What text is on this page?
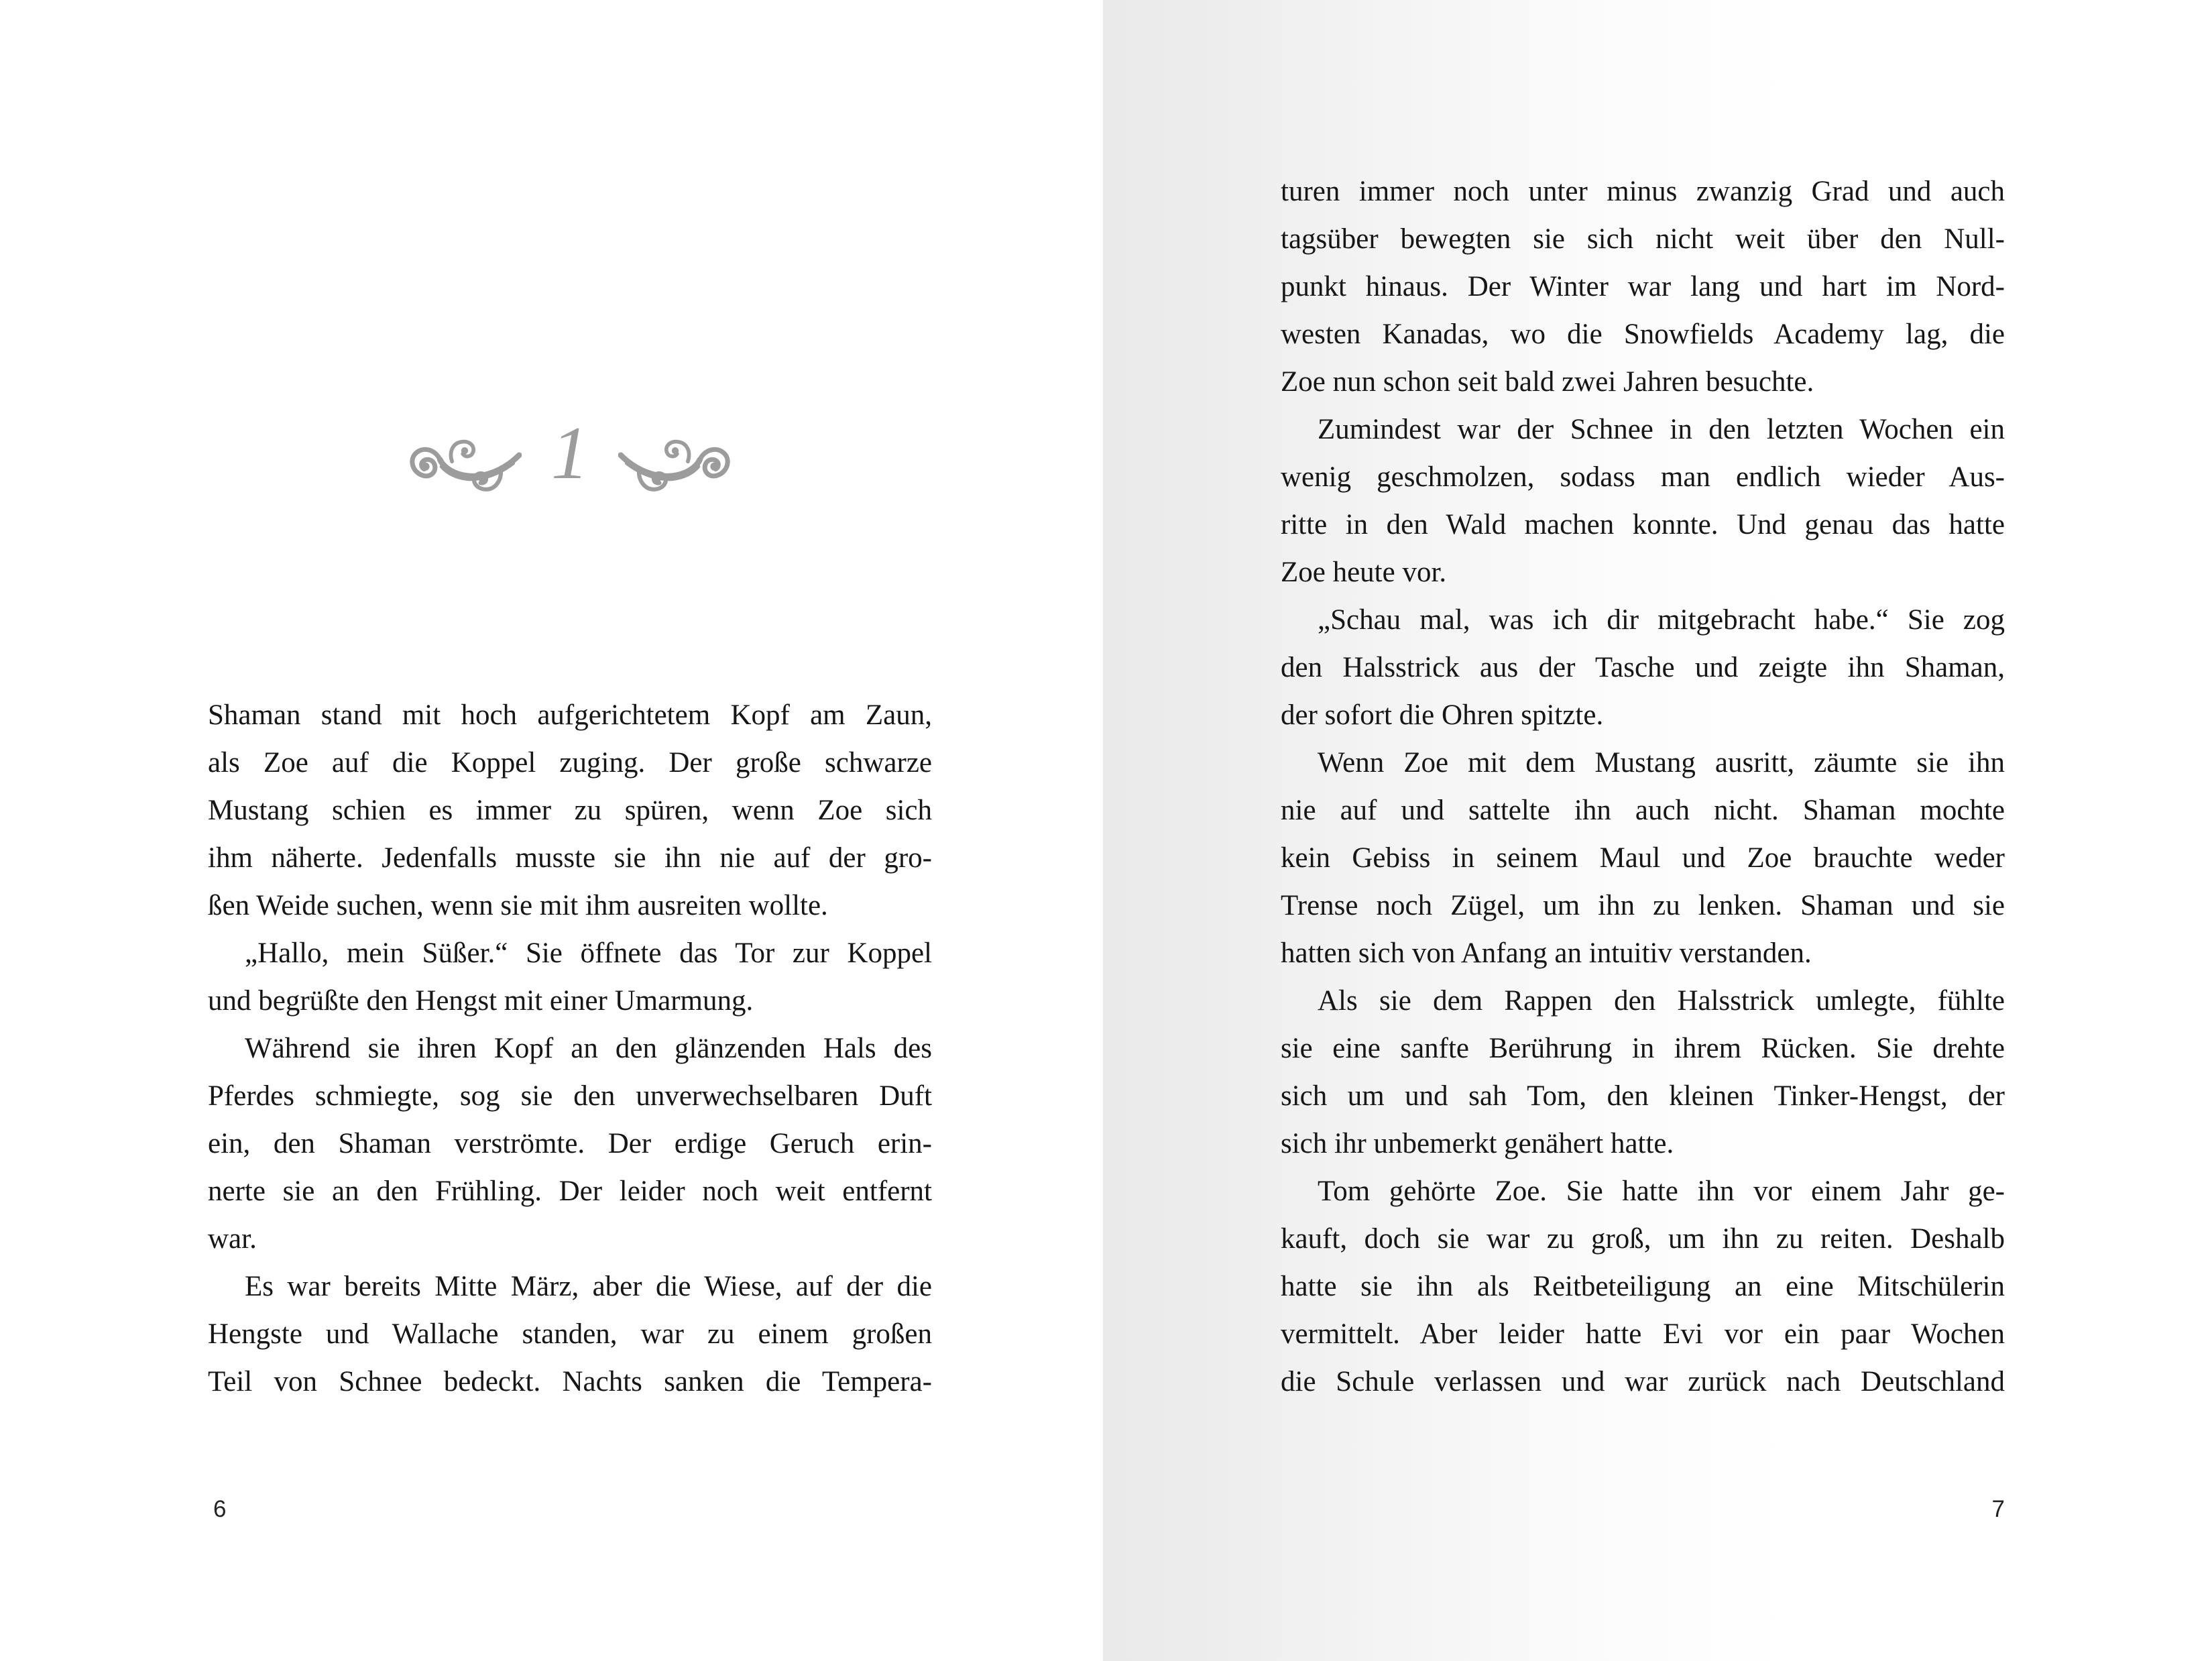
1
Shaman stand mit hoch aufgerichtetem Kopf am Zaun,
als Zoe auf die Koppel zuging. Der große schwarze
Mustang schien es immer zu spüren, wenn Zoe sich
ihm näherte. Jedenfalls musste sie ihn nie auf der gro-
ßen Weide suchen, wenn sie mit ihm ausreiten wollte.
„Hallo, mein Süßer.“ Sie öffnete das Tor zur Koppel
und begrüßte den Hengst mit einer Umarmung.
Während sie ihren Kopf an den glänzenden Hals des
Pferdes schmiegte, sog sie den unverwechselbaren Duft
ein, den Shaman verströmte. Der erdige Geruch erin-
nerte sie an den Frühling. Der leider noch weit entfernt
war.
Es war bereits Mitte März, aber die Wiese, auf der die
Hengste und Wallache standen, war zu einem großen
Teil von Schnee bedeckt. Nachts sanken die Tempera-
6
turen immer noch unter minus zwanzig Grad und auch
tagsüber bewegten sie sich nicht weit über den Null-
punkt hinaus. Der Winter war lang und hart im Nord-
westen Kanadas, wo die Snowfields Academy lag, die
Zoe nun schon seit bald zwei Jahren besuchte.
Zumindest war der Schnee in den letzten Wochen ein
wenig geschmolzen, sodass man endlich wieder Aus-
ritte in den Wald machen konnte. Und genau das hatte
Zoe heute vor.
„Schau mal, was ich dir mitgebracht habe.“ Sie zog
den Halsstrick aus der Tasche und zeigte ihn Shaman,
der sofort die Ohren spitzte.
Wenn Zoe mit dem Mustang ausritt, zäumte sie ihn
nie auf und sattelte ihn auch nicht. Shaman mochte
kein Gebiss in seinem Maul und Zoe brauchte weder
Trense noch Zügel, um ihn zu lenken. Shaman und sie
hatten sich von Anfang an intuitiv verstanden.
Als sie dem Rappen den Halsstrick umlegte, fühlte
sie eine sanfte Berührung in ihrem Rücken. Sie drehte
sich um und sah Tom, den kleinen Tinker-Hengst, der
sich ihr unbemerkt genähert hatte.
Tom gehörte Zoe. Sie hatte ihn vor einem Jahr ge-
kauft, doch sie war zu groß, um ihn zu reiten. Deshalb
hatte sie ihn als Reitbeteiligung an eine Mitschülerin
vermittelt. Aber leider hatte Evi vor ein paar Wochen
die Schule verlassen und war zurück nach Deutschland
7
